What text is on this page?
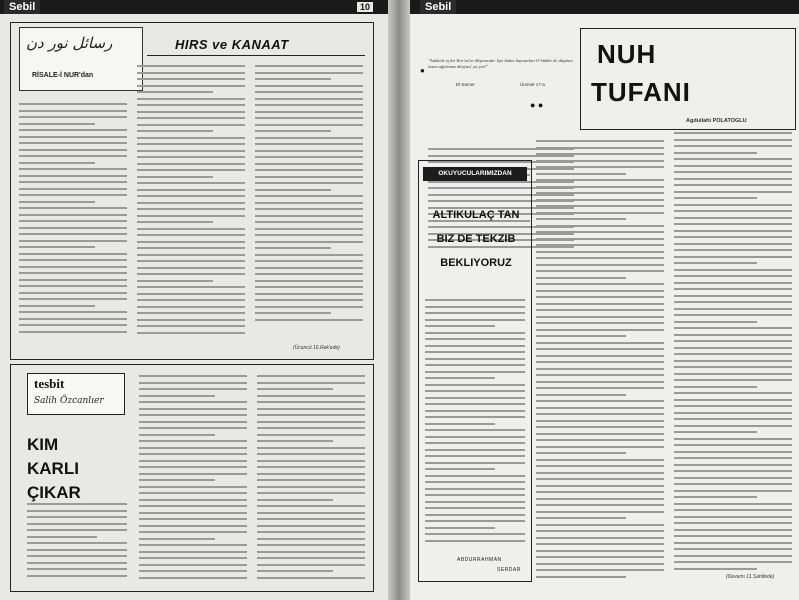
Sebil	10
رسائل نور دن
RİSALE-İ NUR'dan
HIRS ve KANAAT
(Ücuncü 16.Rek'ede)
tesbit
Salih Özcanlıer
KIM
KARLI
ÇIKAR
Sebil
"Adaletle iş bir Kur'an'ın dilşinasıdır. İşte bakın hayvanları O hiddet ile düşünce insan ağartmaz dünyası' ya yoz!"
El-Sümer	Ümmet 17-a
●
● ●
NUH
TUFANI
Agduilahi POLATOGLU
OKUYUCULARIMIZDAN
ALTIKULAÇ TAN
BIZ DE TEKZIB
BEKLIYORUZ
ABDURRAHMAN
SERDAR
(Devamı 11.Sahifede)
